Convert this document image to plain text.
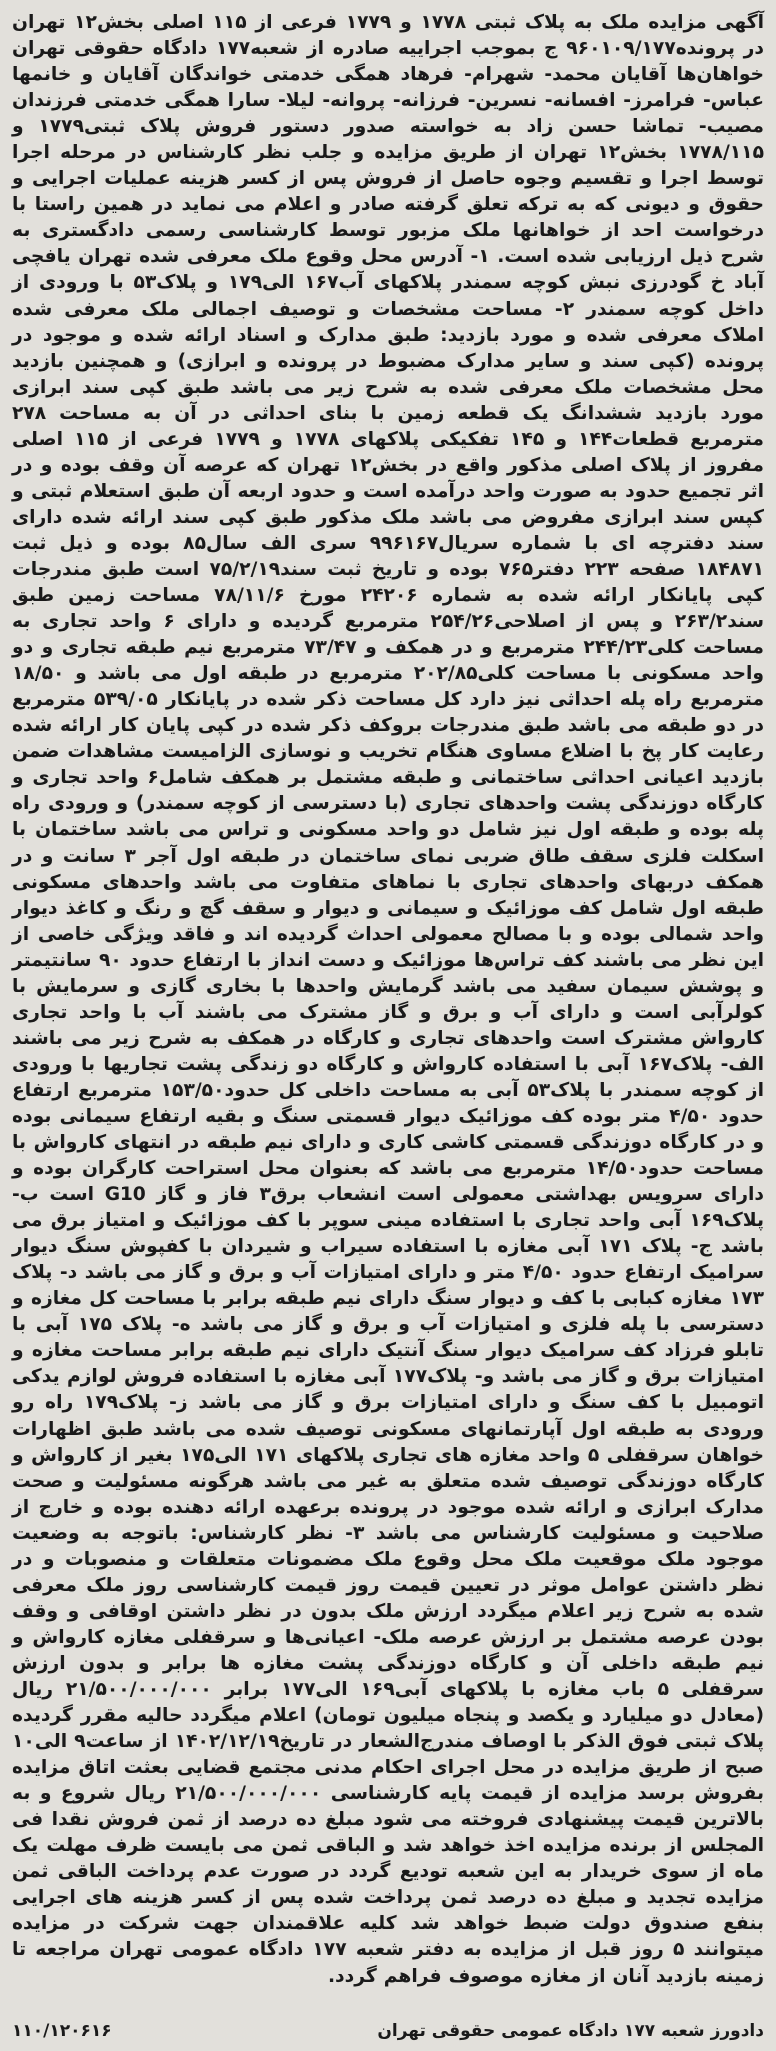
آگهی مزایده ملک به پلاک ثبتی ۱۷۷۸ و ۱۷۷۹ فرعی از ۱۱۵ اصلی بخش۱۲ تهران در پرونده۹۶۰۱۰۹/۱۷۷ ج بموجب اجراییه صادره از شعبه۱۷۷ دادگاه حقوقی تهران خواهان‌ها آقایان محمد- شهرام- فرهاد همگی خدمتی خواندگان آقایان و خانمها عباس- فرامرز- افسانه- نسرین- فرزانه- پروانه- لیلا- سارا همگی خدمتی فرزندان مصیب- تماشا حسن زاد به خواسته صدور دستور فروش پلاک ثبتی۱۷۷۹ و ۱۷۷۸/۱۱۵ بخش۱۲ تهران از طریق مزایده و جلب نظر کارشناس در مرحله اجرا توسط اجرا و تقسیم وجوه حاصل از فروش پس از کسر هزینه عملیات اجرایی و حقوق و دیونی که به ترکه تعلق گرفته صادر و اعلام می نماید در همین راستا با درخواست احد از خواهانها ملک مزبور توسط کارشناسی رسمی دادگستری به شرح ذیل ارزیابی شده است. ۱- آدرس محل وقوع ملک معرفی شده تهران یافچی آباد خ گودرزی نبش کوچه سمندر پلاکهای آب۱۶۷ الی۱۷۹ و پلاک۵۳ با ورودی از داخل کوچه سمندر ۲- مساحت مشخصات و توصیف اجمالی ملک معرفی شده املاک معرفی شده و مورد بازدید: طبق مدارک و اسناد ارائه شده و موجود در پرونده (کپی سند و سایر مدارک مضبوط در پرونده و ابرازی) و همچنین بازدید محل مشخصات ملک معرفی شده به شرح زیر می باشد طبق کپی سند ابرازی مورد بازدید ششدانگ یک قطعه زمین با بنای احداثی در آن به مساحت ۲۷۸ مترمربع قطعات۱۴۴ و ۱۴۵ تفکیکی پلاکهای ۱۷۷۸ و ۱۷۷۹ فرعی از ۱۱۵ اصلی مفروز از پلاک اصلی مذکور واقع در بخش۱۲ تهران که عرصه آن وقف بوده و در اثر تجمیع حدود به صورت واحد درآمده است و حدود اربعه آن طبق استعلام ثبتی و کپس سند ابرازی مفروض می باشد ملک مذکور طبق کپی سند ارائه شده دارای سند دفترچه ای با شماره سریال۹۹۶۱۶۷ سری الف سال۸۵ بوده و ذیل ثبت ۱۸۴۸۷۱ صفحه ۲۲۳ دفتر۷۶۵ بوده و تاریخ ثبت سند۷۵/۲/۱۹ است طبق مندرجات کپی پایانکار ارائه شده به شماره ۲۴۲۰۶ مورخ ۷۸/۱۱/۶ مساحت زمین طبق سند۲۶۳/۲ و پس از اصلاحی۲۵۴/۲۶ مترمربع گردیده و دارای ۶ واحد تجاری به مساحت کلی۲۴۴/۲۳ مترمربع و در همکف و ۷۳/۴۷ مترمربع نیم طبقه تجاری و دو واحد مسکونی با مساحت کلی۲۰۲/۸۵ مترمربع در طبقه اول می باشد و ۱۸/۵۰ مترمربع راه پله احداثی نیز دارد کل مساحت ذکر شده در پایانکار ۵۳۹/۰۵ مترمربع در دو طبقه می باشد طبق مندرجات بروکف ذکر شده در کپی پایان کار ارائه شده رعایت کار پخ با اضلاع مساوی هنگام تخریب و نوسازی الزامیست مشاهدات ضمن بازدید اعیانی احداثی ساختمانی و طبقه مشتمل بر همکف شامل۶ واحد تجاری و کارگاه دوزندگی پشت واحدهای تجاری (با دسترسی از کوچه سمندر) و ورودی راه پله بوده و طبقه اول نیز شامل دو واحد مسکونی و تراس می باشد ساختمان با اسکلت فلزی سقف طاق ضربی نمای ساختمان در طبقه اول آجر ۳ سانت و در همکف دربهای واحدهای تجاری با نماهای متفاوت می باشد واحدهای مسکونی طبقه اول شامل کف موزائیک و سیمانی و دیوار و سقف گچ و رنگ و کاغذ دیوار واحد شمالی بوده و با مصالح معمولی احداث گردیده اند و فاقد ویژگی خاصی از این نظر می باشند کف تراس‌ها موزائیک و دست انداز با ارتفاع حدود ۹۰ سانتیمتر و پوشش سیمان سفید می باشد گرمایش واحدها با بخاری گازی و سرمایش با کولرآبی است و دارای آب و برق و گاز مشترک می باشند آب با واحد تجاری کارواش مشترک است واحدهای تجاری و کارگاه در همکف به شرح زیر می باشند الف- پلاک۱۶۷ آبی با استفاده کارواش و کارگاه دو زندگی پشت تجاریها با ورودی از کوچه سمندر با پلاک۵۳ آبی به مساحت داخلی کل حدود۱۵۳/۵۰ مترمربع ارتفاع حدود ۴/۵۰ متر بوده کف موزائیک دیوار قسمتی سنگ و بقیه ارتفاع سیمانی بوده و در کارگاه دوزندگی قسمتی کاشی کاری و دارای نیم طبقه در انتهای کارواش با مساحت حدود۱۴/۵۰ مترمربع می باشد که بعنوان محل استراحت کارگران بوده و دارای سرویس بهداشتی معمولی است انشعاب برق۳ فاز و گاز G10 است ب- پلاک۱۶۹ آبی واحد تجاری با استفاده مینی سوپر با کف موزائیک و امتیاز برق می باشد ج- پلاک ۱۷۱ آبی مغازه با استفاده سیراب و شیردان با کفپوش سنگ دیوار سرامیک ارتفاع حدود ۴/۵۰ متر و دارای امتیازات آب و برق و گاز می باشد د- پلاک ۱۷۳ مغازه کبابی با کف و دیوار سنگ دارای نیم طبقه برابر با مساحت کل مغازه و دسترسی با پله فلزی و امتیازات آب و برق و گاز می باشد ه- پلاک ۱۷۵ آبی با تابلو فرزاد کف سرامیک دیوار سنگ آنتیک دارای نیم طبقه برابر مساحت مغازه و امتیازات برق و گاز می باشد و- پلاک۱۷۷ آبی مغازه با استفاده فروش لوازم یدکی اتومبیل با کف سنگ و دارای امتیازات برق و گاز می باشد ز- پلاک۱۷۹ راه رو ورودی به طبقه اول آپارتمانهای مسکونی توصیف شده می باشد طبق اظهارات خواهان سرقفلی ۵ واحد مغازه های تجاری پلاکهای ۱۷۱ الی۱۷۵ بغیر از کارواش و کارگاه دوزندگی توصیف شده متعلق به غیر می باشد هرگونه مسئولیت و صحت مدارک ابرازی و ارائه شده موجود در پرونده برعهده ارائه دهنده بوده و خارج از صلاحیت و مسئولیت کارشناس می باشد ۳- نظر کارشناس: باتوجه به وضعیت موجود ملک موقعیت ملک محل وقوع ملک مضمونات متعلقات و منصوبات و در نظر داشتن عوامل موثر در تعیین قیمت روز قیمت کارشناسی روز ملک معرفی شده به شرح زیر اعلام میگردد ارزش ملک بدون در نظر داشتن اوقافی و وقف بودن عرصه مشتمل بر ارزش عرصه ملک- اعیانی‌ها و سرقفلی مغازه کارواش و نیم طبقه داخلی آن و کارگاه دوزندگی پشت مغازه ها برابر و بدون ارزش سرقفلی ۵ باب مغازه با پلاکهای آبی۱۶۹ الی۱۷۷ برابر ۲۱/۵۰۰/۰۰۰/۰۰۰ ریال (معادل دو میلیارد و یکصد و پنجاه میلیون تومان) اعلام میگردد حالیه مقرر گردیده پلاک ثبتی فوق الذکر با اوصاف مندرج‌الشعار در تاریخ۱۴۰۲/۱۲/۱۹ از ساعت۹ الی۱۰ صبح از طریق مزایده در محل اجرای احکام مدنی مجتمع قضایی بعثت اتاق مزایده بفروش برسد مزایده از قیمت پایه کارشناسی ۲۱/۵۰۰/۰۰۰/۰۰۰ ریال شروع و به بالاترین قیمت پیشنهادی فروخته می شود مبلغ ده درصد از ثمن فروش نقدا فی المجلس از برنده مزایده اخذ خواهد شد و الباقی ثمن می بایست ظرف مهلت یک ماه از سوی خریدار به این شعبه تودیع گردد در صورت عدم پرداخت الباقی ثمن مزایده تجدید و مبلغ ده درصد ثمن پرداخت شده پس از کسر هزینه های اجرایی بنفع صندوق دولت ضبط خواهد شد کلیه علاقمندان جهت شرکت در مزایده میتوانند ۵ روز قبل از مزایده به دفتر شعبه ۱۷۷ دادگاه عمومی تهران مراجعه تا زمینه بازدید آنان از مغازه موصوف فراهم گردد.
دادورز شعبه ۱۷۷ دادگاه عمومی حقوقی تهران
۱۱۰/۱۲۰۶۱۶
